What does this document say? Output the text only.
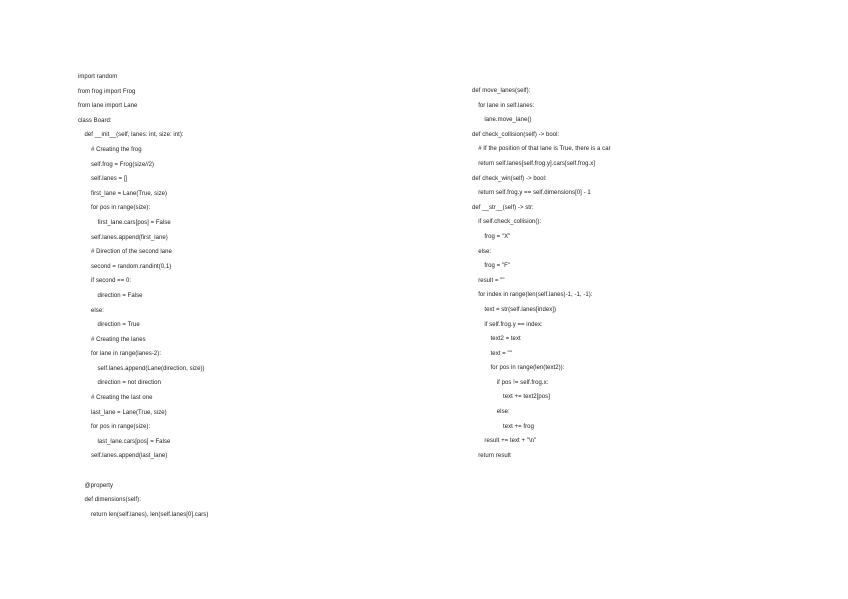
import random
from frog import Frog
from lane import Lane
class Board:
def __init__(self, lanes: int, size: int):
# Creating the frog
self.frog = Frog(size//2)
self.lanes = []
first_lane = Lane(True, size)
for pos in range(size):
first_lane.cars[pos] = False
self.lanes.append(first_lane)
# Direction of the second lane
second = random.randint(0,1)
if second == 0:
direction = False
else:
direction = True
# Creating the lanes
for lane in range(lanes-2):
self.lanes.append(Lane(direction, size))
direction = not direction
# Creating the last one
last_lane = Lane(True, size)
for pos in range(size):
last_lane.cars[pos] = False
self.lanes.append(last_lane)
@property
def dimensions(self):
return len(self.lanes), len(self.lanes[0].cars)
def move_lanes(self):
for lane in self.lanes:
lane.move_lane()
def check_collision(self) -> bool:
# If the position of that lane is True, there is a car
return self.lanes[self.frog.y].cars[self.frog.x]
def check_win(self) -> bool:
return self.frog.y == self.dimensions[0] - 1
def __str__(self) -> str:
if self.check_collision():
frog = "X"
else:
frog = "F"
result = ""
for index in range(len(self.lanes)-1, -1, -1):
text = str(self.lanes[index])
if self.frog.y == index:
text2 = text
text = ""
for pos in range(len(text2)):
if pos != self.frog.x:
text += text2[pos]
else:
text += frog
result += text + "\n"
return result
